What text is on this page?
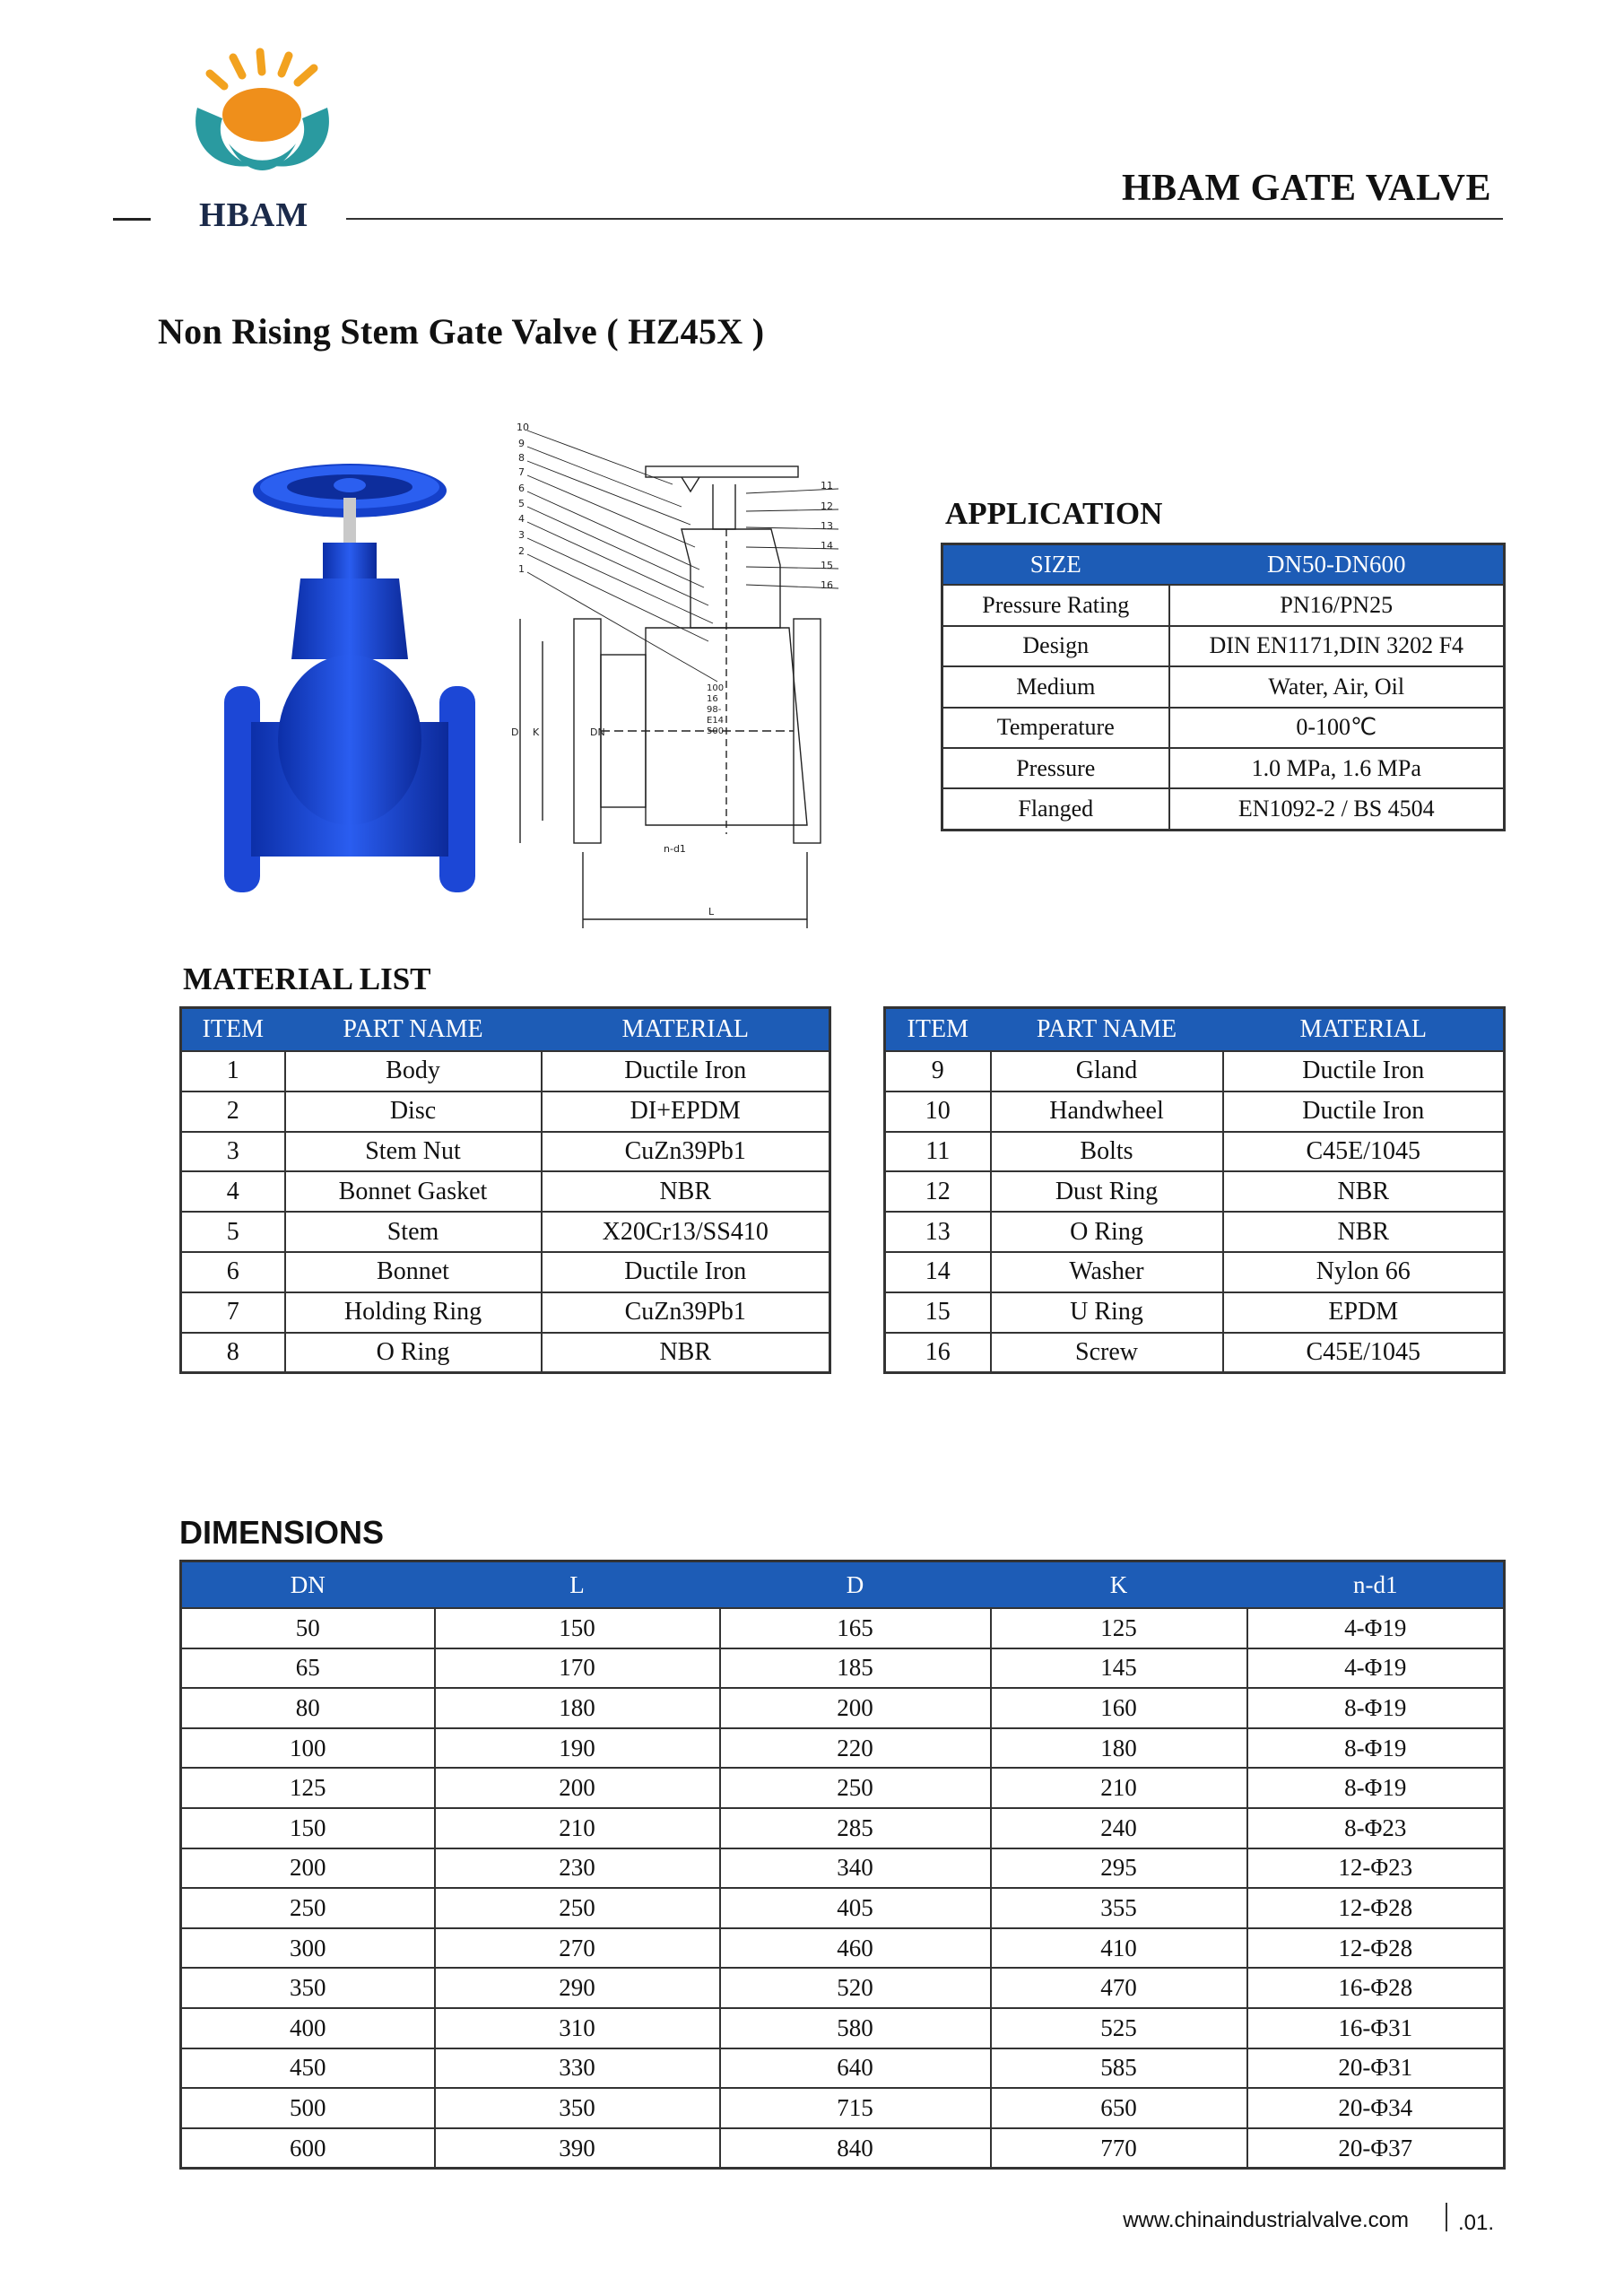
HBAM
HBAM GATE VALVE
Non Rising Stem Gate Valve ( HZ45X )
10
9
8
7
6
5
4
3
2
1
11
12
13
14
15
16
100
16
98-
E14
500
D K	DN
n-d1
L
APPLICATION
SIZE	DN50-DN600
Pressure Rating	PN16/PN25
Design	DIN EN1171,DIN 3202 F4
Medium	Water, Air, Oil
Temperature	0-100℃
Pressure	1.0 MPa, 1.6 MPa
Flanged	EN1092-2 / BS 4504
MATERIAL LIST
ITEM	PART NAME	MATERIAL
1	Body	Ductile Iron
2	Disc	DI+EPDM
3	Stem Nut	CuZn39Pb1
4	Bonnet Gasket	NBR
5	Stem	X20Cr13/SS410
6	Bonnet	Ductile Iron
7	Holding Ring	CuZn39Pb1
8	O Ring	NBR
ITEM	PART NAME	MATERIAL
9	Gland	Ductile Iron
10	Handwheel	Ductile Iron
11	Bolts	C45E/1045
12	Dust Ring	NBR
13	O Ring	NBR
14	Washer	Nylon 66
15	U Ring	EPDM
16	Screw	C45E/1045
DIMENSIONS
DN	L	D	K	n-d1
50	150	165	125	4-Φ19
65	170	185	145	4-Φ19
80	180	200	160	8-Φ19
100	190	220	180	8-Φ19
125	200	250	210	8-Φ19
150	210	285	240	8-Φ23
200	230	340	295	12-Φ23
250	250	405	355	12-Φ28
300	270	460	410	12-Φ28
350	290	520	470	16-Φ28
400	310	580	525	16-Φ31
450	330	640	585	20-Φ31
500	350	715	650	20-Φ34
600	390	840	770	20-Φ37
www.chinaindustrialvalve.com .01.
